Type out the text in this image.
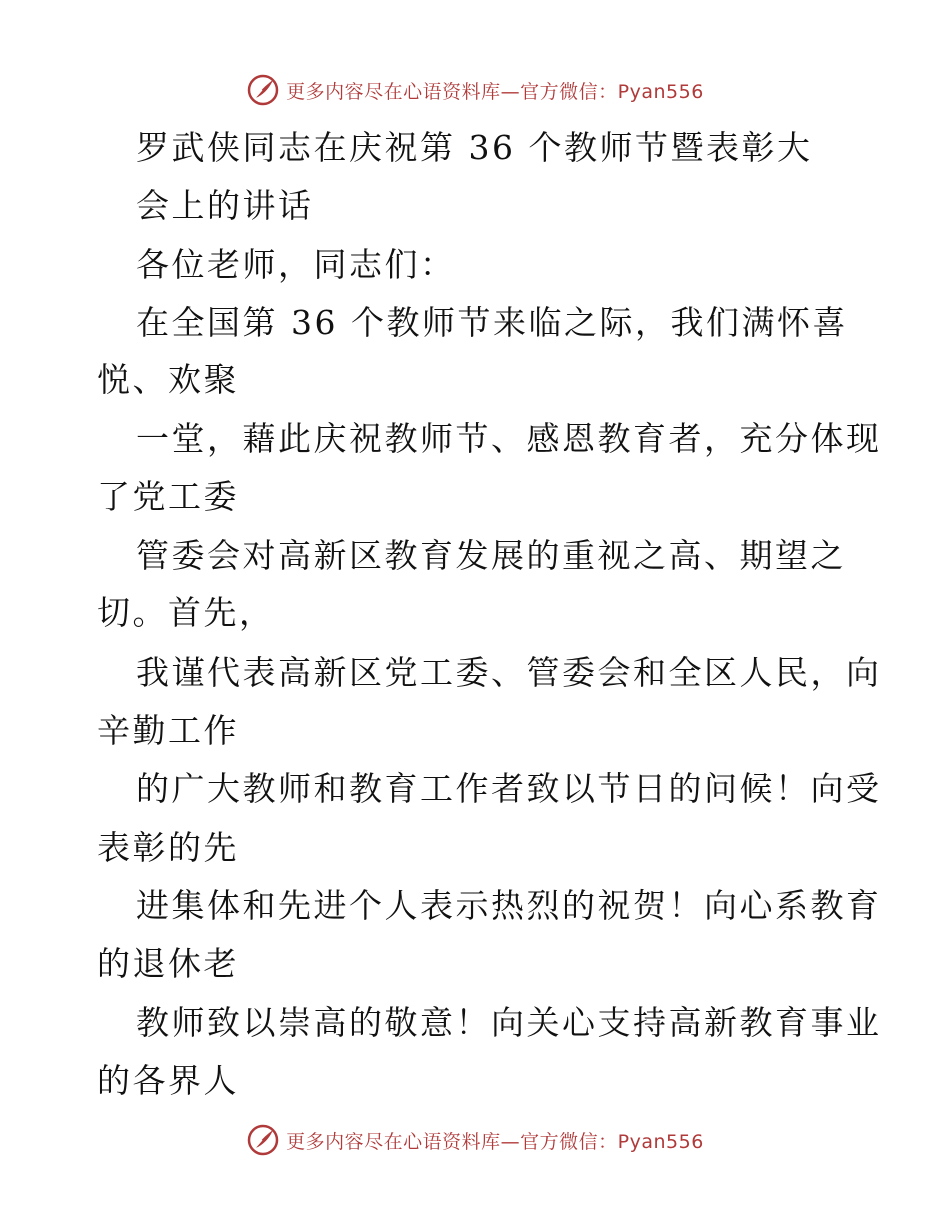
更多内容尽在心语资料库—官方微信：Pyan556
罗武侠同志在庆祝第 36 个教师节暨表彰大
会上的讲话
各位老师，同志们：
在全国第 36 个教师节来临之际，我们满怀喜
悦、欢聚
一堂，藉此庆祝教师节、感恩教育者，充分体现
了党工委
管委会对高新区教育发展的重视之高、期望之
切。首先，
我谨代表高新区党工委、管委会和全区人民，向
辛勤工作
的广大教师和教育工作者致以节日的问候！向受
表彰的先
进集体和先进个人表示热烈的祝贺！向心系教育
的退休老
教师致以崇高的敬意！向关心支持高新教育事业
的各界人
更多内容尽在心语资料库—官方微信：Pyan556
